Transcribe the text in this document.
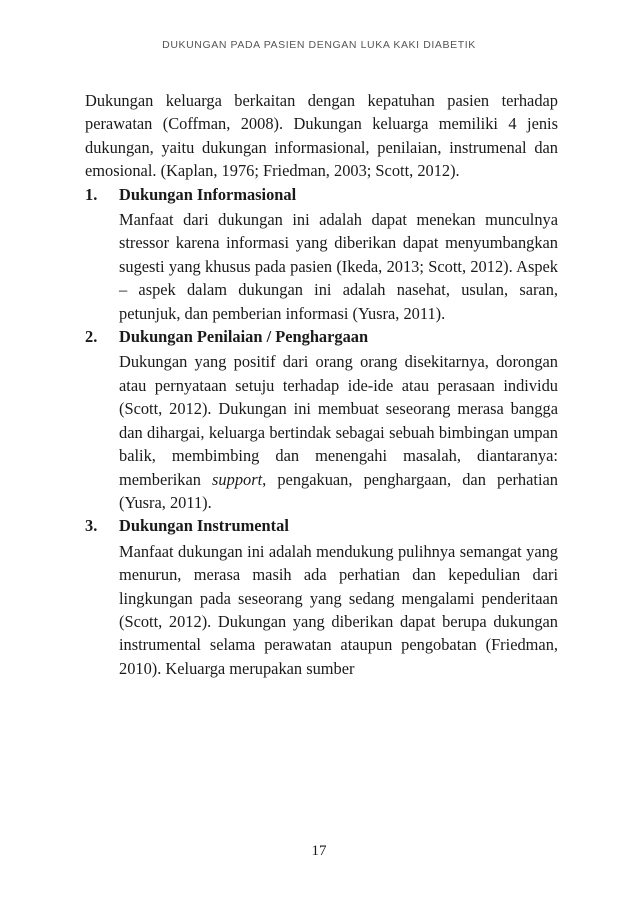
DUKUNGAN PADA PASIEN DENGAN LUKA KAKI DIABETIK

Dukungan keluarga berkaitan dengan kepatuhan pasien terhadap perawatan (Coffman, 2008). Dukungan keluarga memiliki 4 jenis dukungan, yaitu dukungan informasional, penilaian, instrumenal dan emosional. (Kaplan, 1976; Friedman, 2003; Scott, 2012).

1.	Dukungan Informasional

Manfaat dari dukungan ini adalah dapat menekan munculnya stressor karena informasi yang diberikan dapat menyumbangkan sugesti yang khusus pada pasien (Ikeda, 2013; Scott, 2012). Aspek – aspek dalam dukungan ini adalah nasehat, usulan, saran, petunjuk, dan pemberian informasi (Yusra, 2011).

2.	Dukungan Penilaian / Penghargaan

Dukungan yang positif dari orang orang disekitarnya, dorongan atau pernyataan setuju terhadap ide-ide atau perasaan individu (Scott, 2012). Dukungan ini membuat seseorang merasa bangga dan dihargai, keluarga bertindak sebagai sebuah bimbingan umpan balik, membimbing dan menengahi masalah, diantaranya: memberikan support, pengakuan, penghargaan, dan perhatian (Yusra, 2011).

3.	Dukungan Instrumental

Manfaat dukungan ini adalah mendukung pulihnya semangat yang menurun, merasa masih ada perhatian dan kepedulian dari lingkungan pada seseorang yang sedang mengalami penderitaan (Scott, 2012). Dukungan yang diberikan dapat berupa dukungan instrumental selama perawatan ataupun pengobatan (Friedman, 2010). Keluarga merupakan sumber

17
